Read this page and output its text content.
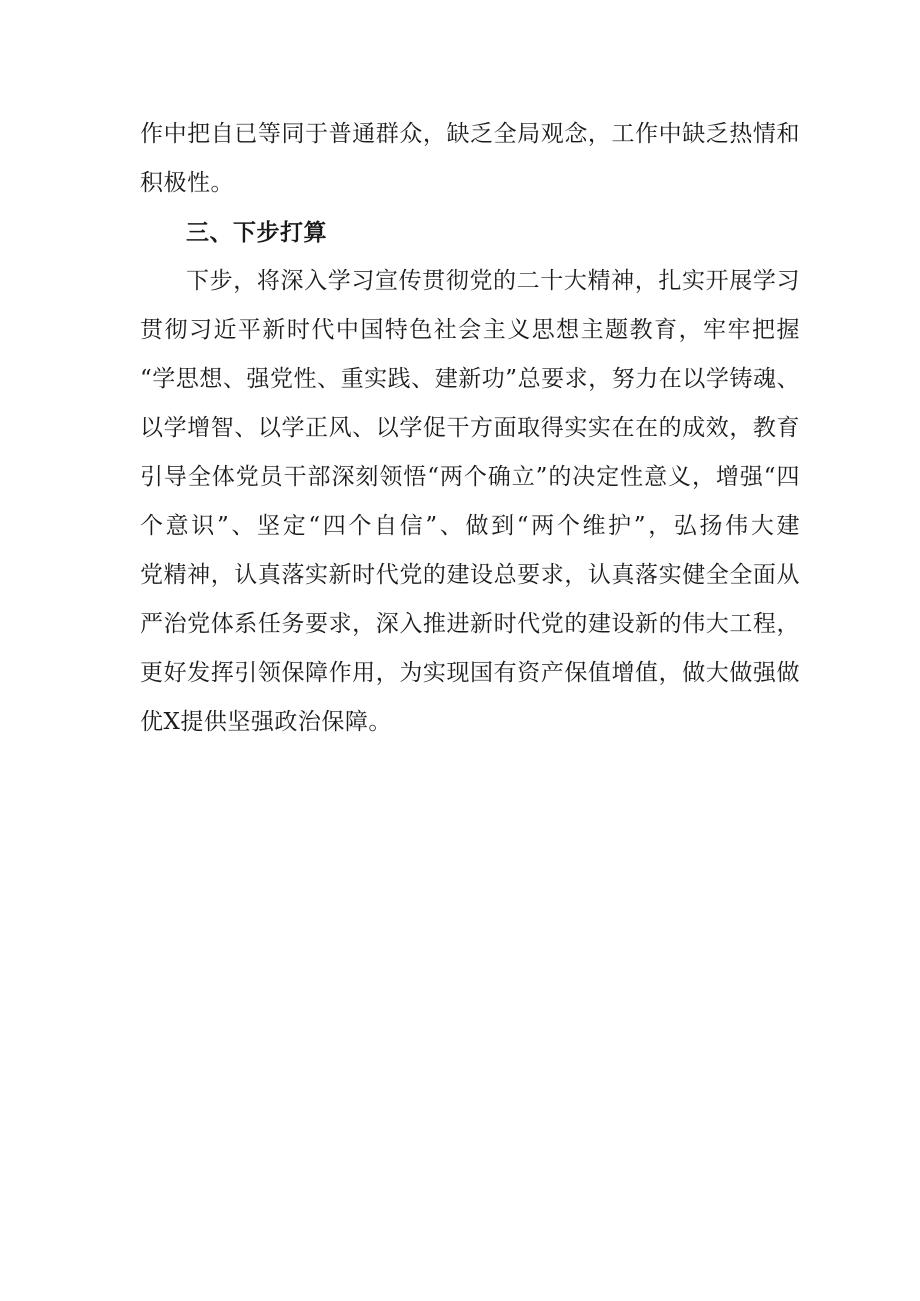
作中把自已等同于普通群众，缺乏全局观念，工作中缺乏热情和
积极性。
三、下步打算
下步，将深入学习宣传贯彻党的二十大精神，扎实开展学习
贯彻习近平新时代中国特色社会主义思想主题教育，牢牢把握
“学思想、强党性、重实践、建新功”总要求，努力在以学铸魂、
以学增智、以学正风、以学促干方面取得实实在在的成效，教育
引导全体党员干部深刻领悟“两个确立”的决定性意义，增强“四
个意识”、坚定“四个自信”、做到“两个维护”，弘扬伟大建
党精神，认真落实新时代党的建设总要求，认真落实健全全面从
严治党体系任务要求，深入推进新时代党的建设新的伟大工程，
更好发挥引领保障作用，为实现国有资产保值增值，做大做强做
优X提供坚强政治保障。
